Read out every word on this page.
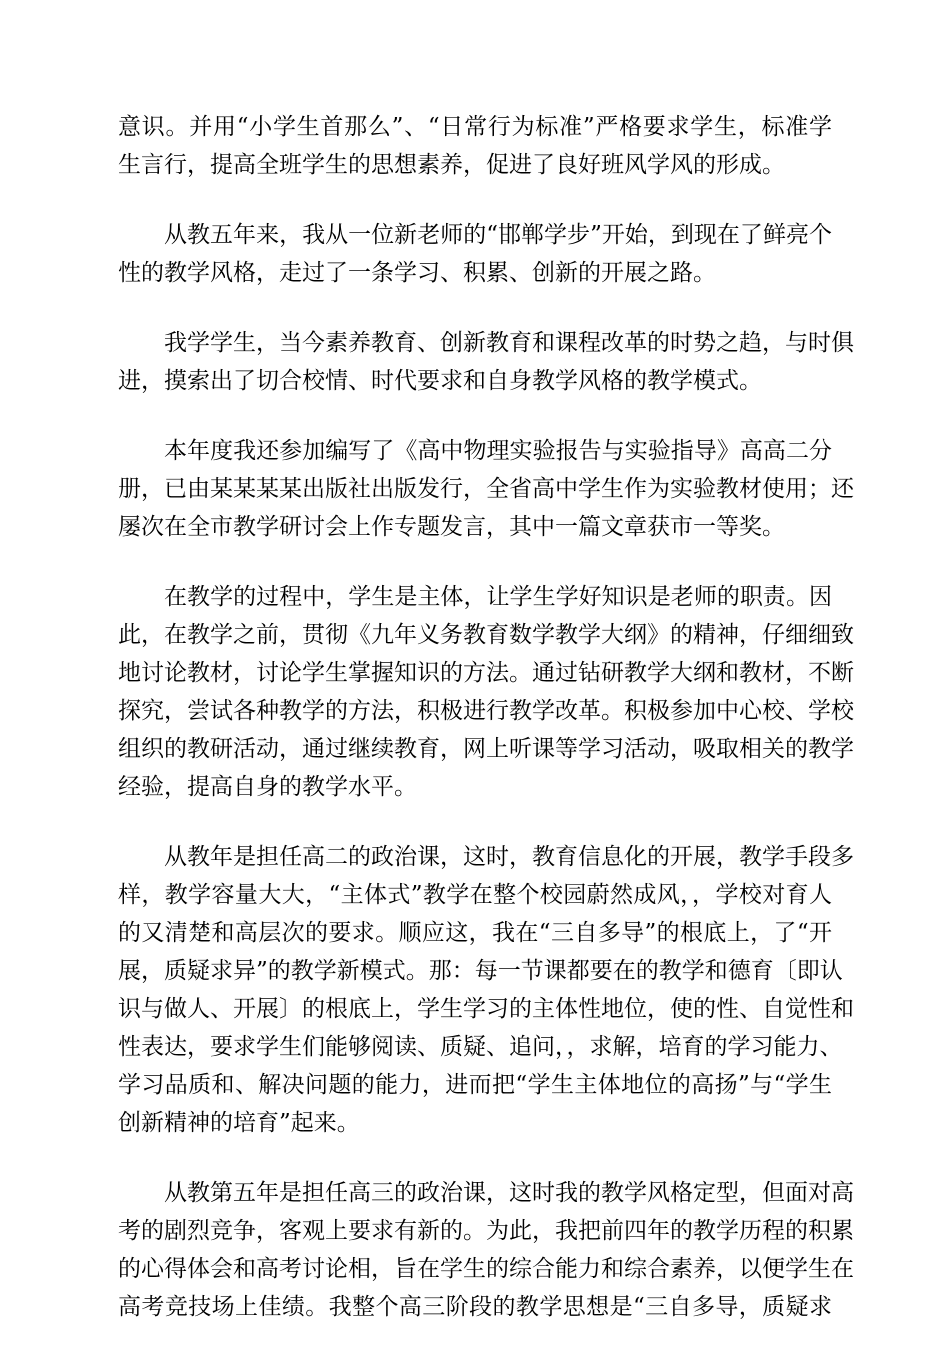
意识。并用“小学生首那么”、“日常行为标准”严格要求学生，标准学
生言行，提高全班学生的思想素养，促进了良好班风学风的形成。
从教五年来，我从一位新老师的“邯郸学步”开始，到现在了鲜亮个
性的教学风格，走过了一条学习、积累、创新的开展之路。
我学学生，当今素养教育、创新教育和课程改革的时势之趋，与时俱
进，摸索出了切合校情、时代要求和自身教学风格的教学模式。
本年度我还参加编写了《高中物理实验报告与实验指导》高高二分
册，已由某某某某出版社出版发行，全省高中学生作为实验教材使用；还
屡次在全市教学研讨会上作专题发言，其中一篇文章获市一等奖。
在教学的过程中，学生是主体，让学生学好知识是老师的职责。因
此，在教学之前，贯彻《九年义务教育数学教学大纲》的精神，仔细细致
地讨论教材，讨论学生掌握知识的方法。通过钻研教学大纲和教材，不断
探究，尝试各种教学的方法，积极进行教学改革。积极参加中心校、学校
组织的教研活动，通过继续教育，网上听课等学习活动，吸取相关的教学
经验，提高自身的教学水平。
从教年是担任高二的政治课，这时，教育信息化的开展，教学手段多
样，教学容量大大，“主体式”教学在整个校园蔚然成风，，学校对育人
的又清楚和高层次的要求。顺应这，我在“三自多导”的根底上，了“开
展，质疑求异”的教学新模式。那：每一节课都要在的教学和德育〔即认
识与做人、开展〕的根底上，学生学习的主体性地位，使的性、自觉性和
性表达，要求学生们能够阅读、质疑、追问，，求解，培育的学习能力、
学习品质和、解决问题的能力，进而把“学生主体地位的高扬”与“学生
创新精神的培育”起来。
从教第五年是担任高三的政治课，这时我的教学风格定型，但面对高
考的剧烈竞争，客观上要求有新的。为此，我把前四年的教学历程的积累
的心得体会和高考讨论相，旨在学生的综合能力和综合素养，以便学生在
高考竞技场上佳绩。我整个高三阶段的教学思想是“三自多导，质疑求
